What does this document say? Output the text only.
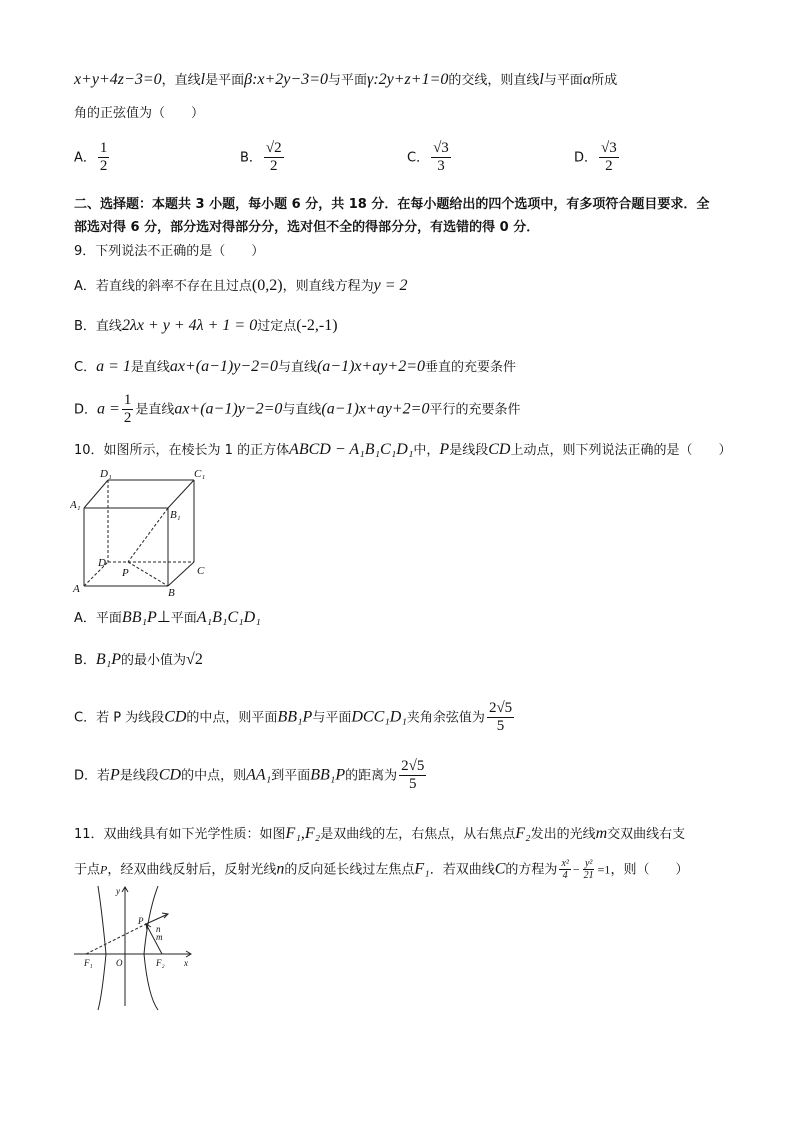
x+y+4z−3=0，直线l是平面β:x+2y−3=0与平面γ:2y+z+1=0的交线，则直线l与平面α所成
角的正弦值为（　　）
A． $\frac{1}{2}$	B． $\frac{√2}{2}$	C． $\frac{√3}{3}$	D． $\frac{√3}{2}$
二、选择题：本题共 3 小题，每小题 6 分，共 18 分．在每小题给出的四个选项中，有多项符合题目要求．全
部选对得 6 分，部分选对得部分分，选对但不全的得部分分，有选错的得 0 分．
9．下列说法不正确的是（　　）
A．若直线的斜率不存在且过点(0,2)，则直线方程为y = 2
B．直线2λx + y + 4λ + 1 = 0过定点(-2,-1)
C．a = 1是直线ax+(a−1)y−2=0与直线(a−1)x+ay+2=0垂直的充要条件
D．$a = \frac{1}{2}$ 是直线ax+(a−1)y−2=0与直线(a−1)x+ay+2=0平行的充要条件
10．如图所示，在棱长为 1 的正方体ABCD − A₁B₁C₁D₁中，P是线段CD上动点，则下列说法正确的是（　　）
D₁	C₁
A₁
B₁
D
P	C
A	B
A．平面BB₁P⊥平面A₁B₁C₁D₁
B．B₁P的最小值为√2
C．若 P 为线段CD的中点，则平面BB₁P与平面DCC₁D₁夹角余弦值为 $\frac{2√5}{5}$
D．若P是线段CD的中点，则AA₁到平面BB₁P的距离为 $\frac{2√5}{5}$
11．双曲线具有如下光学性质：如图F₁,F₂是双曲线的左，右焦点，从右焦点F₂发出的光线m交双曲线右支
于点P，经双曲线反射后，反射光线n的反向延长线过左焦点F₁．若双曲线C的方程为 $\frac{\text{x²}}{4} - \frac{\text{y²}}{21} =1$，则（　　）
y
P
n
m
F₁	O	F₂ x
